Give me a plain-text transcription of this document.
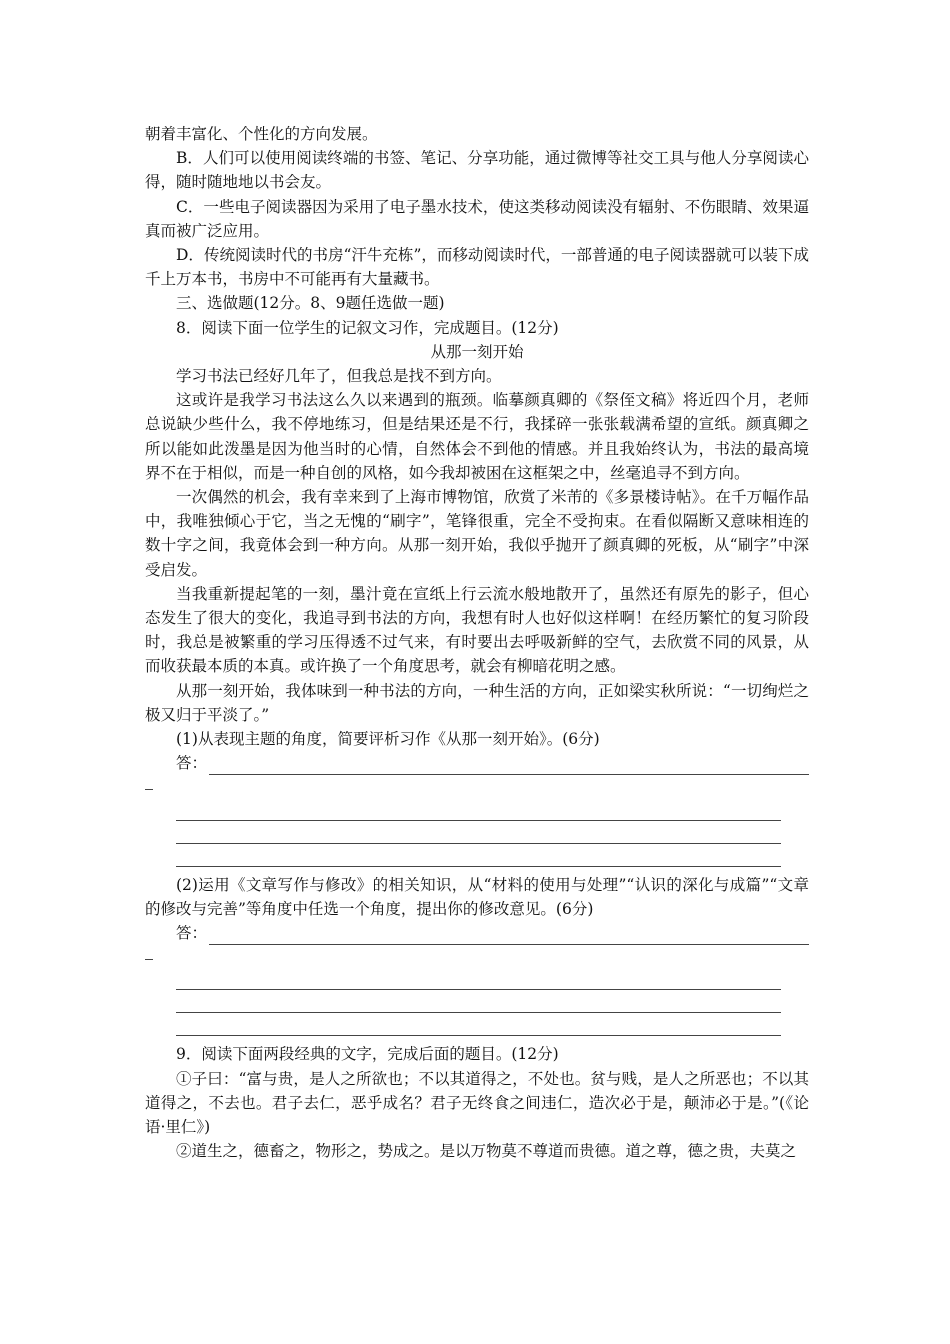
朝着丰富化、个性化的方向发展。

B．人们可以使用阅读终端的书签、笔记、分享功能，通过微博等社交工具与他人分享阅读心得，随时随地地以书会友。

C．一些电子阅读器因为采用了电子墨水技术，使这类移动阅读没有辐射、不伤眼睛、效果逼真而被广泛应用。

D．传统阅读时代的书房“汗牛充栋”，而移动阅读时代，一部普通的电子阅读器就可以装下成千上万本书，书房中不可能再有大量藏书。

三、选做题(12分。8、9题任选做一题)

8．阅读下面一位学生的记叙文习作，完成题目。(12分)

从那一刻开始

学习书法已经好几年了，但我总是找不到方向。

这或许是我学习书法这么久以来遇到的瓶颈。临摹颜真卿的《祭侄文稿》将近四个月，老师总说缺少些什么，我不停地练习，但是结果还是不行，我揉碎一张张载满希望的宣纸。颜真卿之所以能如此泼墨是因为他当时的心情，自然体会不到他的情感。并且我始终认为，书法的最高境界不在于相似，而是一种自创的风格，如今我却被困在这框架之中，丝毫追寻不到方向。

一次偶然的机会，我有幸来到了上海市博物馆，欣赏了米芾的《多景楼诗帖》。在千万幅作品中，我唯独倾心于它，当之无愧的“刷字”，笔锋很重，完全不受拘束。在看似隔断又意味相连的数十字之间，我竟体会到一种方向。从那一刻开始，我似乎抛开了颜真卿的死板，从“刷字”中深受启发。

当我重新提起笔的一刻，墨汁竟在宣纸上行云流水般地散开了，虽然还有原先的影子，但心态发生了很大的变化，我追寻到书法的方向，我想有时人也好似这样啊！在经历繁忙的复习阶段时，我总是被繁重的学习压得透不过气来，有时要出去呼吸新鲜的空气，去欣赏不同的风景，从而收获最本质的本真。或许换了一个角度思考，就会有柳暗花明之感。

从那一刻开始，我体味到一种书法的方向，一种生活的方向，正如梁实秋所说：“一切绚烂之极又归于平淡了。”

(1)从表现主题的角度，简要评析习作《从那一刻开始》。(6分)

答：

(2)运用《文章写作与修改》的相关知识，从“材料的使用与处理”“认识的深化与成篇”“文章的修改与完善”等角度中任选一个角度，提出你的修改意见。(6分)

答：

9．阅读下面两段经典的文字，完成后面的题目。(12分)

①子曰：“富与贵，是人之所欲也；不以其道得之，不处也。贫与贱，是人之所恶也；不以其道得之，不去也。君子去仁，恶乎成名？君子无终食之间违仁，造次必于是，颠沛必于是。”(《论语·里仁》)

②道生之，德畜之，物形之，势成之。是以万物莫不尊道而贵德。道之尊，德之贵，夫莫之
